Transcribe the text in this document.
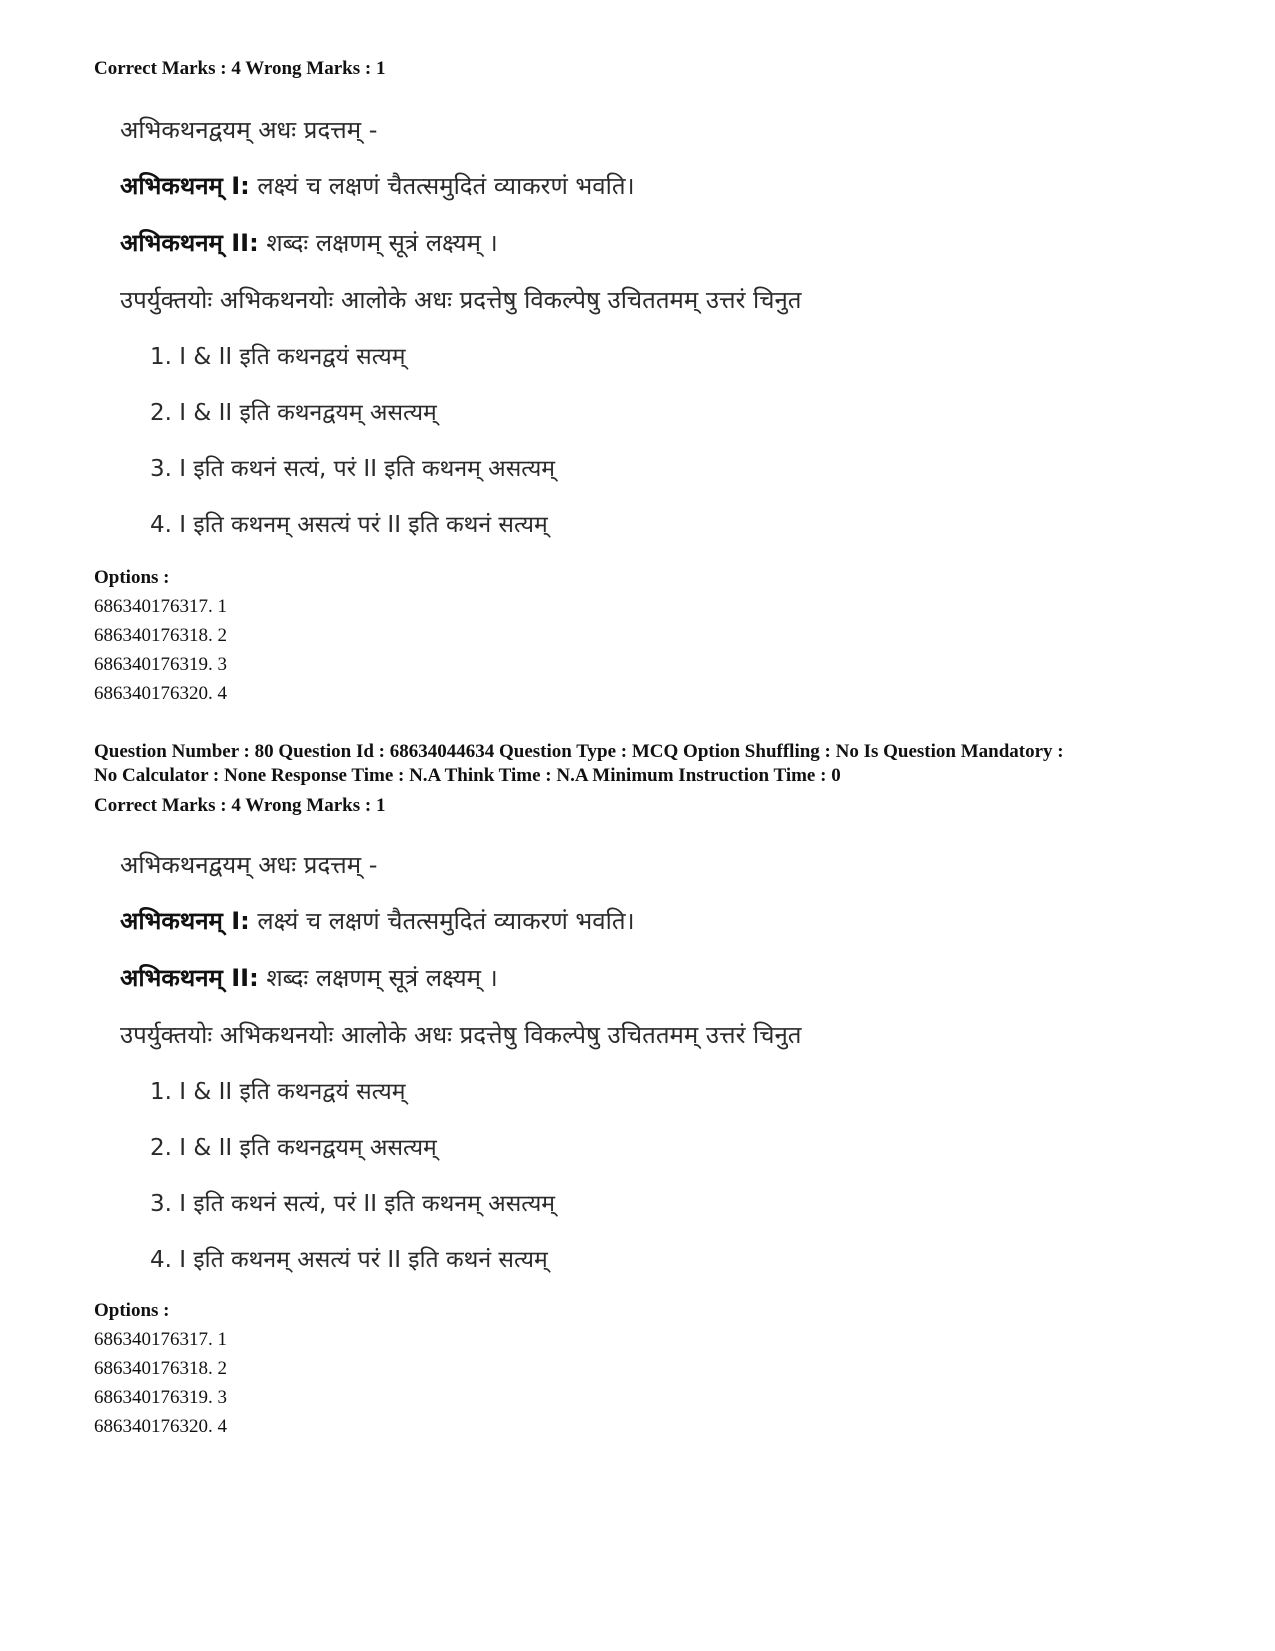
Correct Marks : 4 Wrong Marks : 1

अभिकथनद्वयम् अधः प्रदत्तम् -
अभिकथनम् I: लक्ष्यं च लक्षणं चैतत्समुदितं व्याकरणं भवति।
अभिकथनम् II: शब्दः लक्षणम् सूत्रं लक्ष्यम् ।
उपर्युक्तयोः अभिकथनयोः आलोके अधः प्रदत्तेषु विकल्पेषु उचिततमम् उत्तरं चिनुत
1. I & II इति कथनद्वयं सत्यम्
2. I & II इति कथनद्वयम् असत्यम्
3. I इति कथनं सत्यं, परं II इति कथनम् असत्यम्
4. I इति कथनम् असत्यं परं II इति कथनं सत्यम्

Options :

686340176317. 1

686340176318. 2

686340176319. 3

686340176320. 4

Question Number : 80 Question Id : 68634044634 Question Type : MCQ Option Shuffling : No Is Question Mandatory :

No Calculator : None Response Time : N.A Think Time : N.A Minimum Instruction Time : 0

Correct Marks : 4 Wrong Marks : 1

अभिकथनद्वयम् अधः प्रदत्तम् -
अभिकथनम् I: लक्ष्यं च लक्षणं चैतत्समुदितं व्याकरणं भवति।
अभिकथनम् II: शब्दः लक्षणम् सूत्रं लक्ष्यम् ।
उपर्युक्तयोः अभिकथनयोः आलोके अधः प्रदत्तेषु विकल्पेषु उचिततमम् उत्तरं चिनुत
1. I & II इति कथनद्वयं सत्यम्
2. I & II इति कथनद्वयम् असत्यम्
3. I इति कथनं सत्यं, परं II इति कथनम् असत्यम्
4. I इति कथनम् असत्यं परं II इति कथनं सत्यम्

Options :

686340176317. 1

686340176318. 2

686340176319. 3

686340176320. 4
